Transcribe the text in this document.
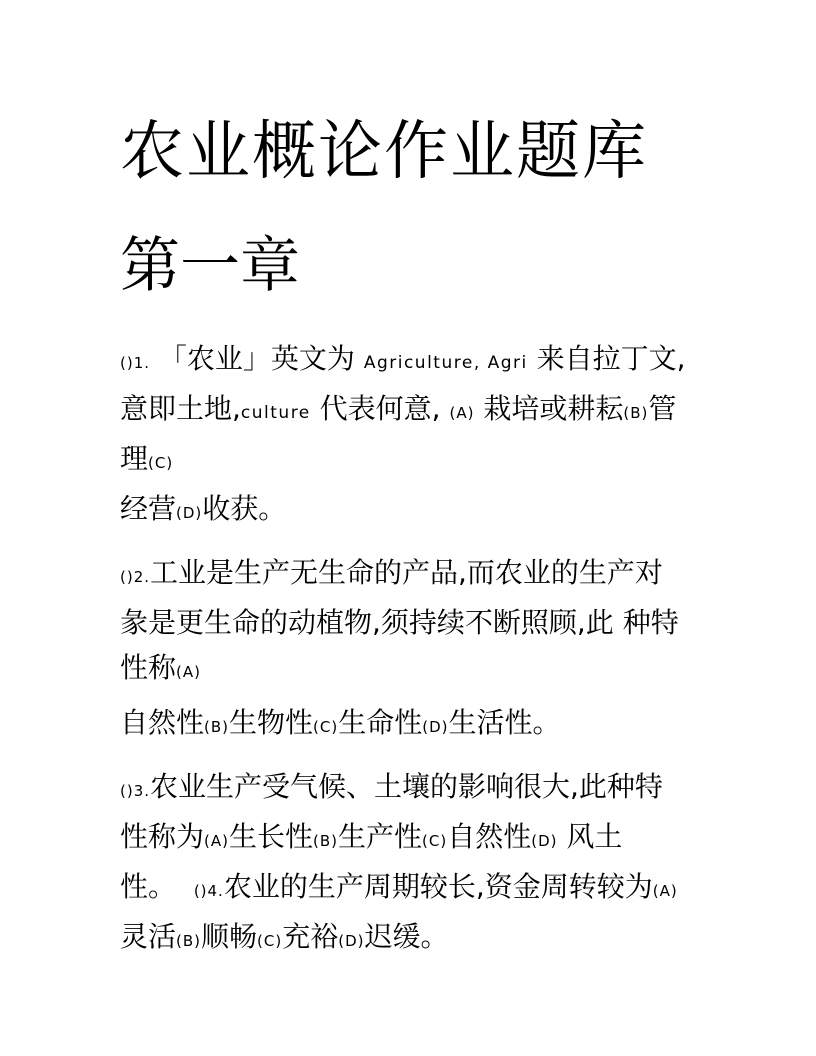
农业概论作业题库
第一章

()1. 「农业」英文为 Agriculture, Agri 来自拉丁文,
意即土地,culture 代表何意, (A) 栽培或耕耘(B)管
理(C)

经营(D)收获。

()2.工业是生产无生命的产品,而农业的生产对
彖是更生命的动植物,须持续不断照顾,此 种特
性称(A)

自然性(B)生物性(C)生命性(D)生活性。

()3.农业生产受气候、土壤的影响很大,此种特
性称为(A)生长性(B)生产性(C)自然性(D) 风土
性。  ()4.农业的生产周期较长,资金周转较为(A)
灵活(B)顺畅(C)充裕(D)迟缓。
